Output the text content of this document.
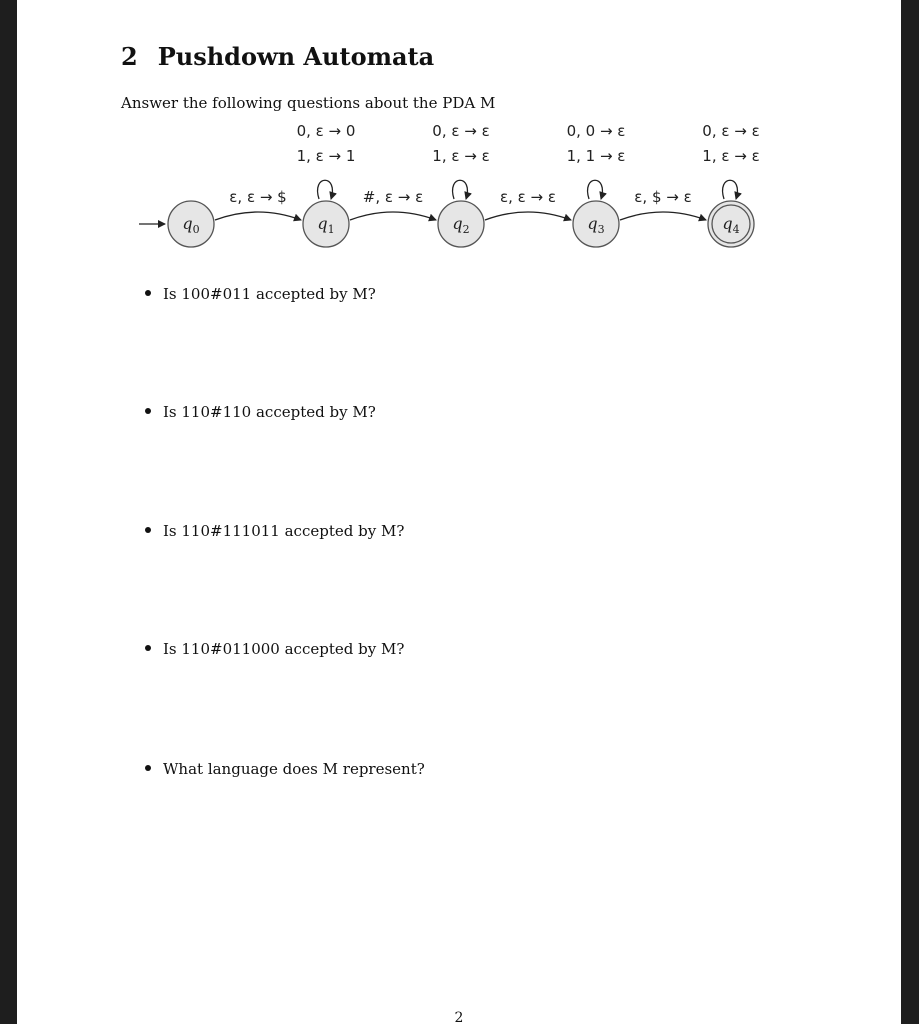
2 Pushdown Automata
Answer the following questions about the PDA M
$q_0$	$q_1$	$q_2$	$q_3$	$q_4$
ε, ε → $	#, ε → ε	ε, ε → ε	ε, $ → ε
0, ε → 0
1, ε → 1
0, ε → ε
1, ε → ε
0, 0 → ε
1, 1 → ε
0, ε → ε
1, ε → ε
Is 100#011 accepted by M?
Is 110#110 accepted by M?
Is 110#111011 accepted by M?
Is 110#011000 accepted by M?
What language does M represent?
2
